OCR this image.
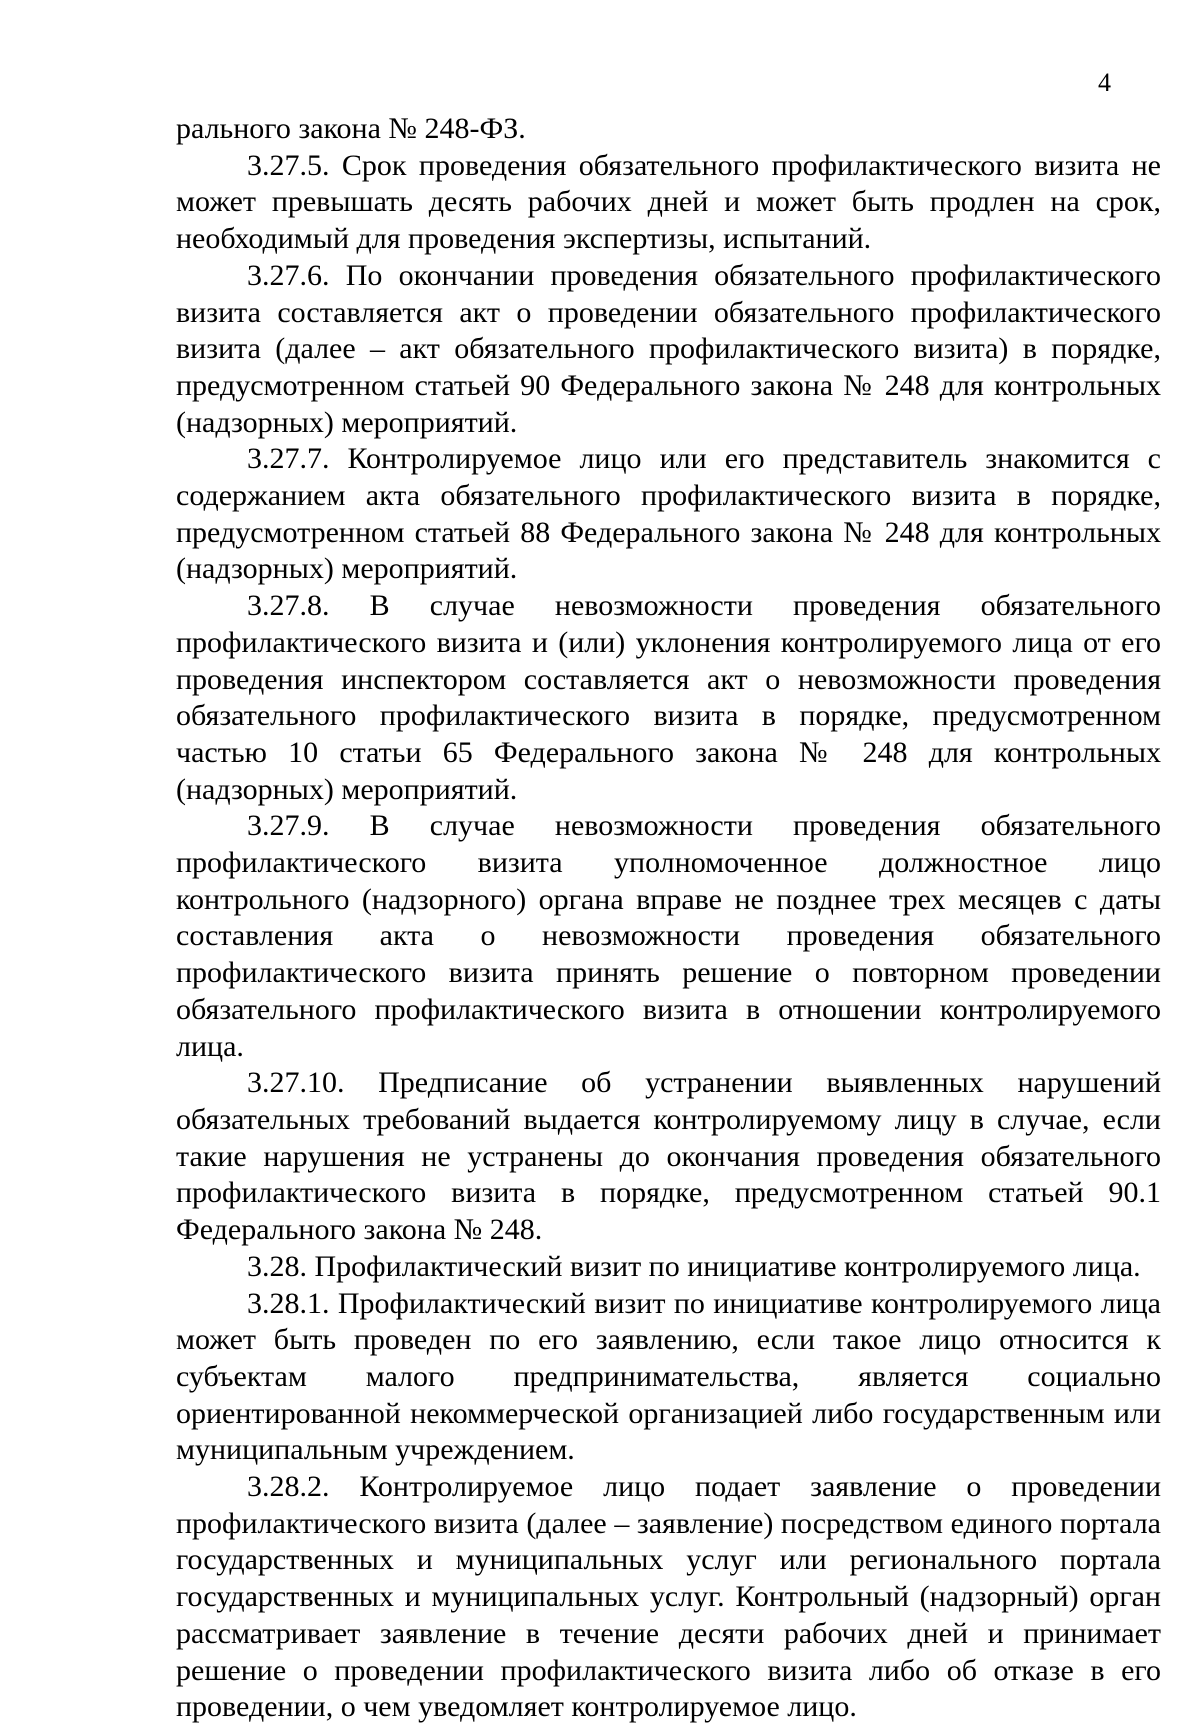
4

рального закона № 248-ФЗ.

3.27.5. Срок проведения обязательного профилактического визита не может превышать десять рабочих дней и может быть продлен на срок, необходимый для проведения экспертизы, испытаний.

3.27.6. По окончании проведения обязательного профилактического визита составляется акт о проведении обязательного профилактического визита (далее – акт обязательного профилактического визита) в порядке, предусмотренном статьей 90 Федерального закона № 248 для контрольных (надзорных) мероприятий.

3.27.7. Контролируемое лицо или его представитель знакомится с содержанием акта обязательного профилактического визита в порядке, предусмотренном статьей 88 Федерального закона № 248 для контрольных (надзорных) мероприятий.

3.27.8. В случае невозможности проведения обязательного профилактического визита и (или) уклонения контролируемого лица от его проведения инспектором составляется акт о невозможности проведения обязательного профилактического визита в порядке, предусмотренном частью 10 статьи 65 Федерального закона № 248 для контрольных (надзорных) мероприятий.

3.27.9. В случае невозможности проведения обязательного профилактического визита уполномоченное должностное лицо контрольного (надзорного) органа вправе не позднее трех месяцев с даты составления акта о невозможности проведения обязательного профилактического визита принять решение о повторном проведении обязательного профилактического визита в отношении контролируемого лица.

3.27.10. Предписание об устранении выявленных нарушений обязательных требований выдается контролируемому лицу в случае, если такие нарушения не устранены до окончания проведения обязательного профилактического визита в порядке, предусмотренном статьей 90.1 Федерального закона № 248.

3.28. Профилактический визит по инициативе контролируемого лица.

3.28.1. Профилактический визит по инициативе контролируемого лица может быть проведен по его заявлению, если такое лицо относится к субъектам малого предпринимательства, является социально ориентированной некоммерческой организацией либо государственным или муниципальным учреждением.

3.28.2. Контролируемое лицо подает заявление о проведении профилактического визита (далее – заявление) посредством единого портала государственных и муниципальных услуг или регионального портала государственных и муниципальных услуг. Контрольный (надзорный) орган рассматривает заявление в течение десяти рабочих дней и принимает решение о проведении профилактического визита либо об отказе в его проведении, о чем уведомляет контролируемое лицо.
